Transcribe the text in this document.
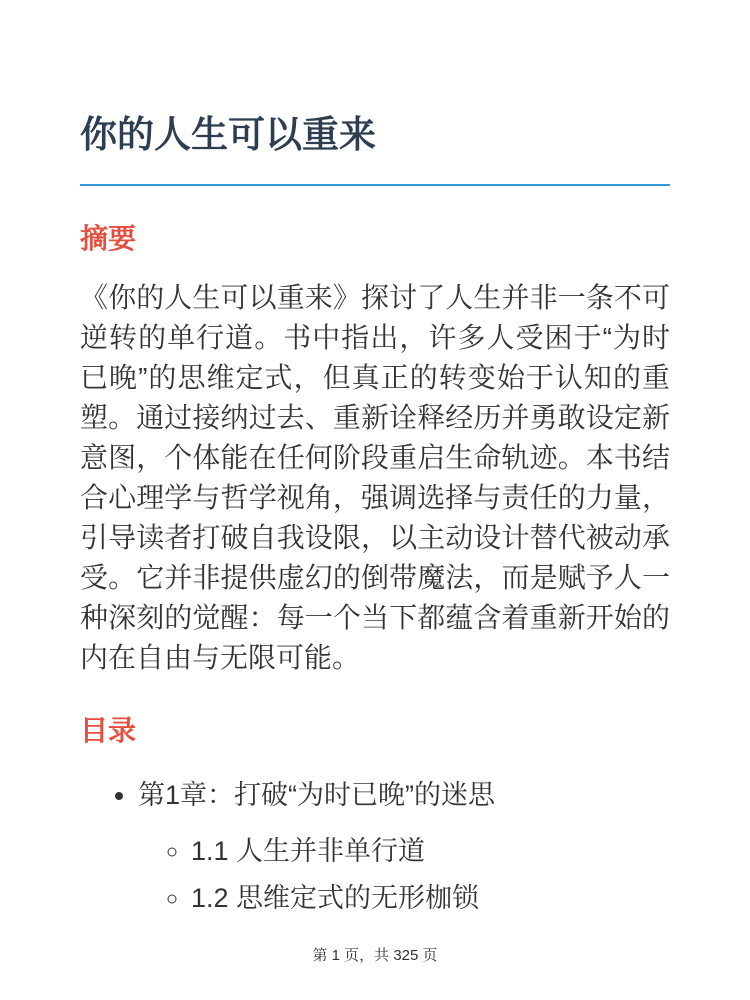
你的人生可以重来
摘要

《你的人生可以重来》探讨了人生并非一条不可逆转的单行道。书中指出，许多人受困于“为时已晚”的思维定式，但真正的转变始于认知的重塑。通过接纳过去、重新诠释经历并勇敢设定新意图，个体能在任何阶段重启生命轨迹。本书结合心理学与哲学视角，强调选择与责任的力量，引导读者打破自我设限，以主动设计替代被动承受。它并非提供虚幻的倒带魔法，而是赋予人一种深刻的觉醒：每一个当下都蕴含着重新开始的内在自由与无限可能。

目录
• 第1章：打破“为时已晚”的迷思
◦ 1.1 人生并非单行道
◦ 1.2 思维定式的无形枷锁
第 1 页，共 325 页
